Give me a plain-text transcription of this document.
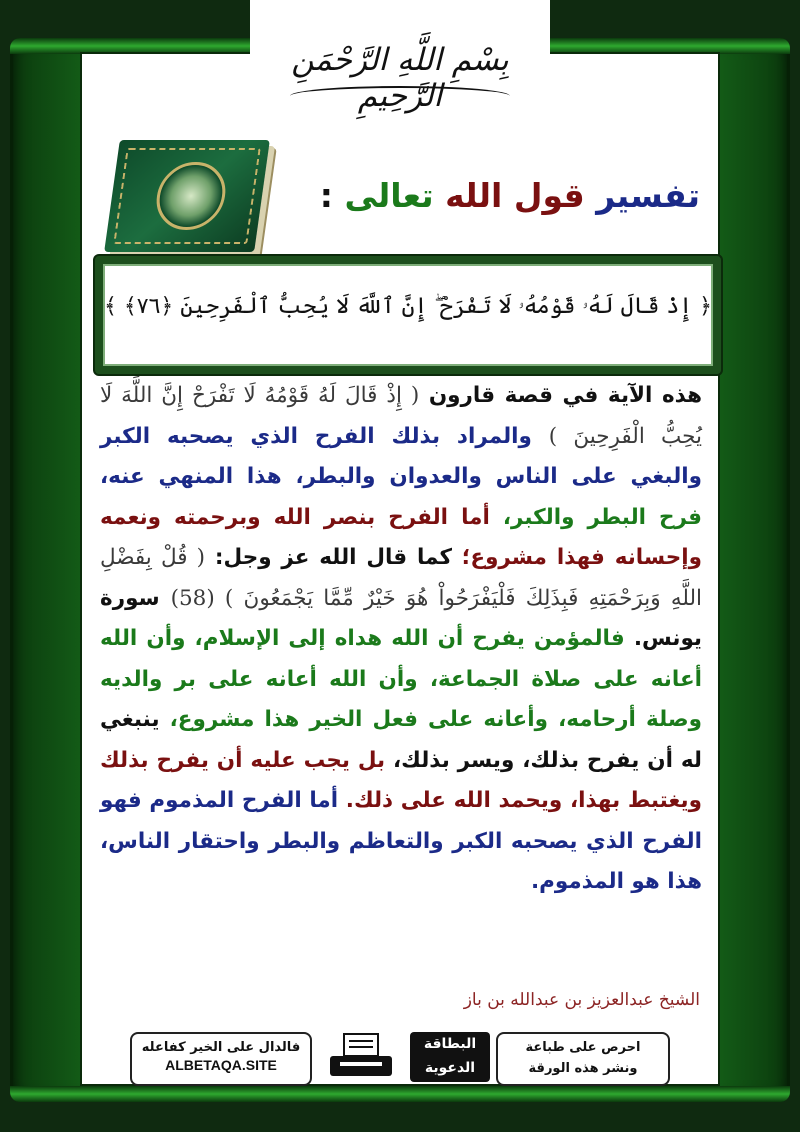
بِسْمِ اللَّهِ الرَّحْمَنِ الرَّحِيمِ
تفسير قول الله تعالى :
﴿ إِذْ قَالَ لَهُۥ قَوْمُهُۥ لَا تَفْرَحْ ۖ إِنَّ ٱللَّهَ لَا يُحِبُّ ٱلْفَرِحِينَ ﴿٧٦﴾ ﴾
هذه الآية في قصة قارون ( إِذْ قَالَ لَهُ قَوْمُهُ لَا تَفْرَحْ إِنَّ اللَّهَ لَا يُحِبُّ الْفَرِحِينَ ) والمراد بذلك الفرح الذي يصحبه الكبر والبغي على الناس والعدوان والبطر، هذا المنهي عنه، فرح البطر والكبر، أما الفرح بنصر الله وبرحمته ونعمه وإحسانه فهذا مشروع؛ كما قال الله عز وجل: ( قُلْ بِفَضْلِ اللَّهِ وَبِرَحْمَتِهِ فَبِذَلِكَ فَلْيَفْرَحُواْ هُوَ خَيْرٌ مِّمَّا يَجْمَعُونَ ) (58) سورة يونس. فالمؤمن يفرح أن الله هداه إلى الإسلام، وأن الله أعانه على صلاة الجماعة، وأن الله أعانه على بر والديه وصلة أرحامه، وأعانه على فعل الخير هذا مشروع، ينبغي له أن يفرح بذلك، ويسر بذلك، بل يجب عليه أن يفرح بذلك ويغتبط بهذا، ويحمد الله على ذلك. أما الفرح المذموم فهو الفرح الذي يصحبه الكبر والتعاظم والبطر واحتقار الناس، هذا هو المذموم.
الشيخ عبدالعزيز بن عبدالله بن باز
فالدال على الخير كفاعله
ALBETAQA.SITE
البطاقة
الدعوية
احرص على طباعة
ونشر هذه الورقة
